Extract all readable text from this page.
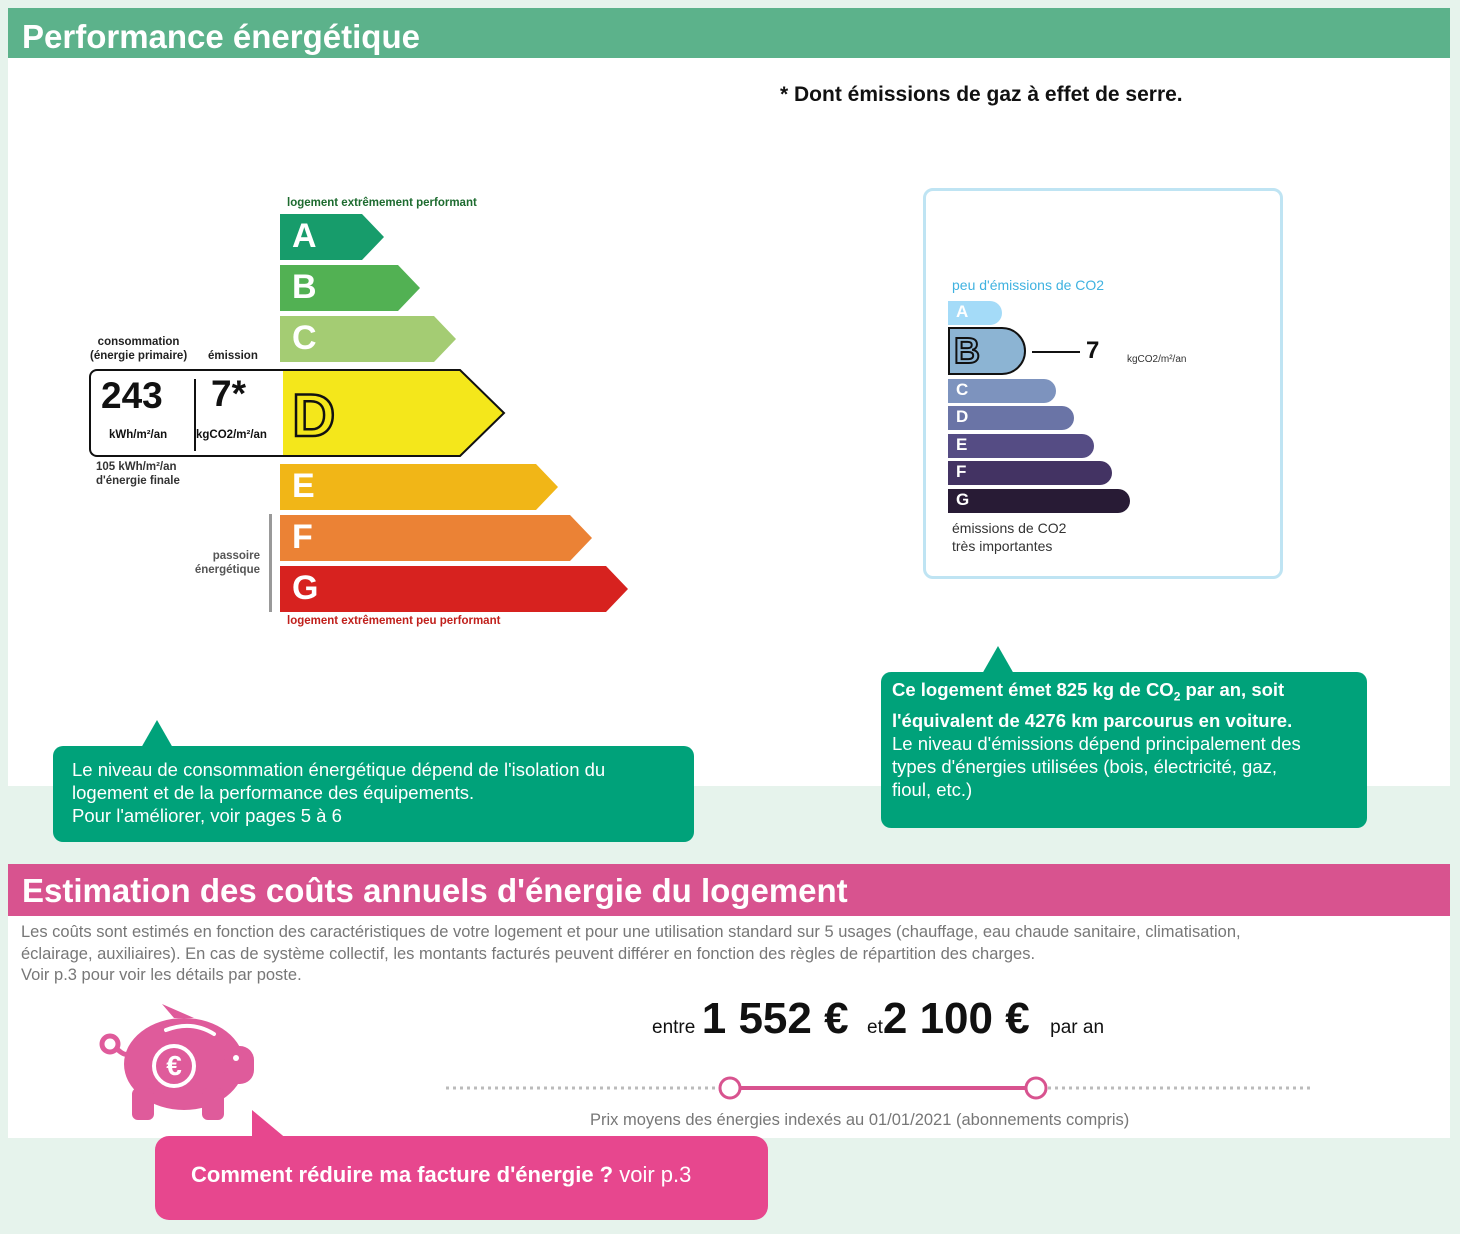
Performance énergétique
* Dont émissions de gaz à effet de serre.
logement extrêmement performant
A
B
C
D
E
F
G
logement extrêmement peu performant
consommation
(énergie primaire) émission
243
kWh/m²/an
7*
kgCO2/m²/an
105 kWh/m²/an
d'énergie finale
passoire
énergétique
peu d'émissions de CO2
A
B	7	kgCO2/m²/an
C
D
E
F
G
émissions de CO2
très importantes
Le niveau de consommation énergétique dépend de l'isolation du
logement et de la performance des équipements.
Pour l'améliorer, voir pages 5 à 6
Ce logement émet 825 kg de $CO_2$ par an, soit
l'équivalent de 4276 km parcourus en voiture.
Le niveau d'émissions dépend principalement des
types d'énergies utilisées (bois, électricité, gaz,
fioul, etc.)
Estimation des coûts annuels d'énergie du logement
Les coûts sont estimés en fonction des caractéristiques de votre logement et pour une utilisation standard sur 5 usages (chauffage, eau chaude sanitaire, climatisation,
éclairage, auxiliaires). En cas de système collectif, les montants facturés peuvent différer en fonction des règles de répartition des charges.
Voir p.3 pour voir les détails par poste.
€
entre 1 552 € et2 100 € par an
Prix moyens des énergies indexés au 01/01/2021 (abonnements compris)
Comment réduire ma facture d'énergie ? voir p.3
